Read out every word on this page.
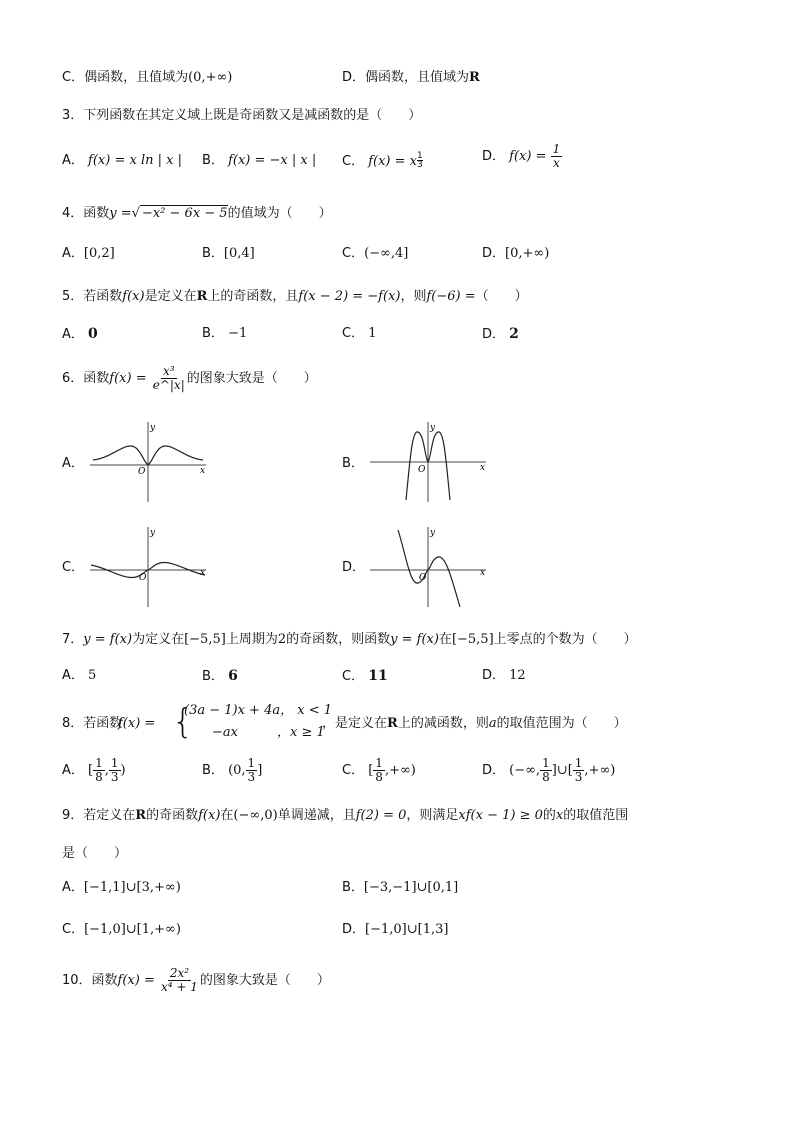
C．偶函数，且值域为(0,+∞)	D．偶函数，且值域为R
3．下列函数在其定义域上既是奇函数又是减函数的是（　　）
A． f(x) = x ln | x | B． f(x) = −x | x | C． f(x) = x $\frac{1}{3}$	D． $f(x) = \frac{1}{x}$
4．函数y =√ −x² − 6x − 5的值域为（　　）
A．[0,2]	B．[0,4]	C．(−∞,4]	D．[0,+∞)
5．若函数f(x)是定义在R上的奇函数，且f(x − 2) = −f(x)，则f(−6) =（　　）
A． 0	B． −1	C． 1	D． 2
6．函数$f(x) = \frac{\text{x³}}{e\^{}|x|}$ 的图象大致是（　　）
A．	B．
C．	D．
y
x
O
y
x
O
y
x
O
y
x
O
7．y = f(x)为定义在[−5,5]上周期为2的奇函数，则函数y = f(x)在[−5,5]上零点的个数为（　　）
A． 5	B． 6	C． 11	D． 12
8．若函数
f(x) = {
(3a − 1)x + 4a， x < 1
−ax　　　，x ≥ 1
，是定义在R上的减函数，则a的取值范围为（　　）
A． [ $\frac{1}{8}$ , $\frac{1}{3}$ )	B． (0, $\frac{1}{3}$ ]	C． [ $\frac{1}{8}$ ,+∞)	D． (−∞, $\frac{1}{8}$ ]∪[ $\frac{1}{3}$ ,+∞)
9．若定义在R的奇函数f(x)在(−∞,0)单调递减，且f(2) = 0，则满足xf(x − 1) ≥ 0的x的取值范围
是（　　）
A．[−1,1]∪[3,+∞)	B．[−3,−1]∪[0,1]
C．[−1,0]∪[1,+∞)	D．[−1,0]∪[1,3]
10．函数$f(x) = \frac{\text{2x²}}{\text{x⁴ + 1}}$ 的图象大致是（　　）
